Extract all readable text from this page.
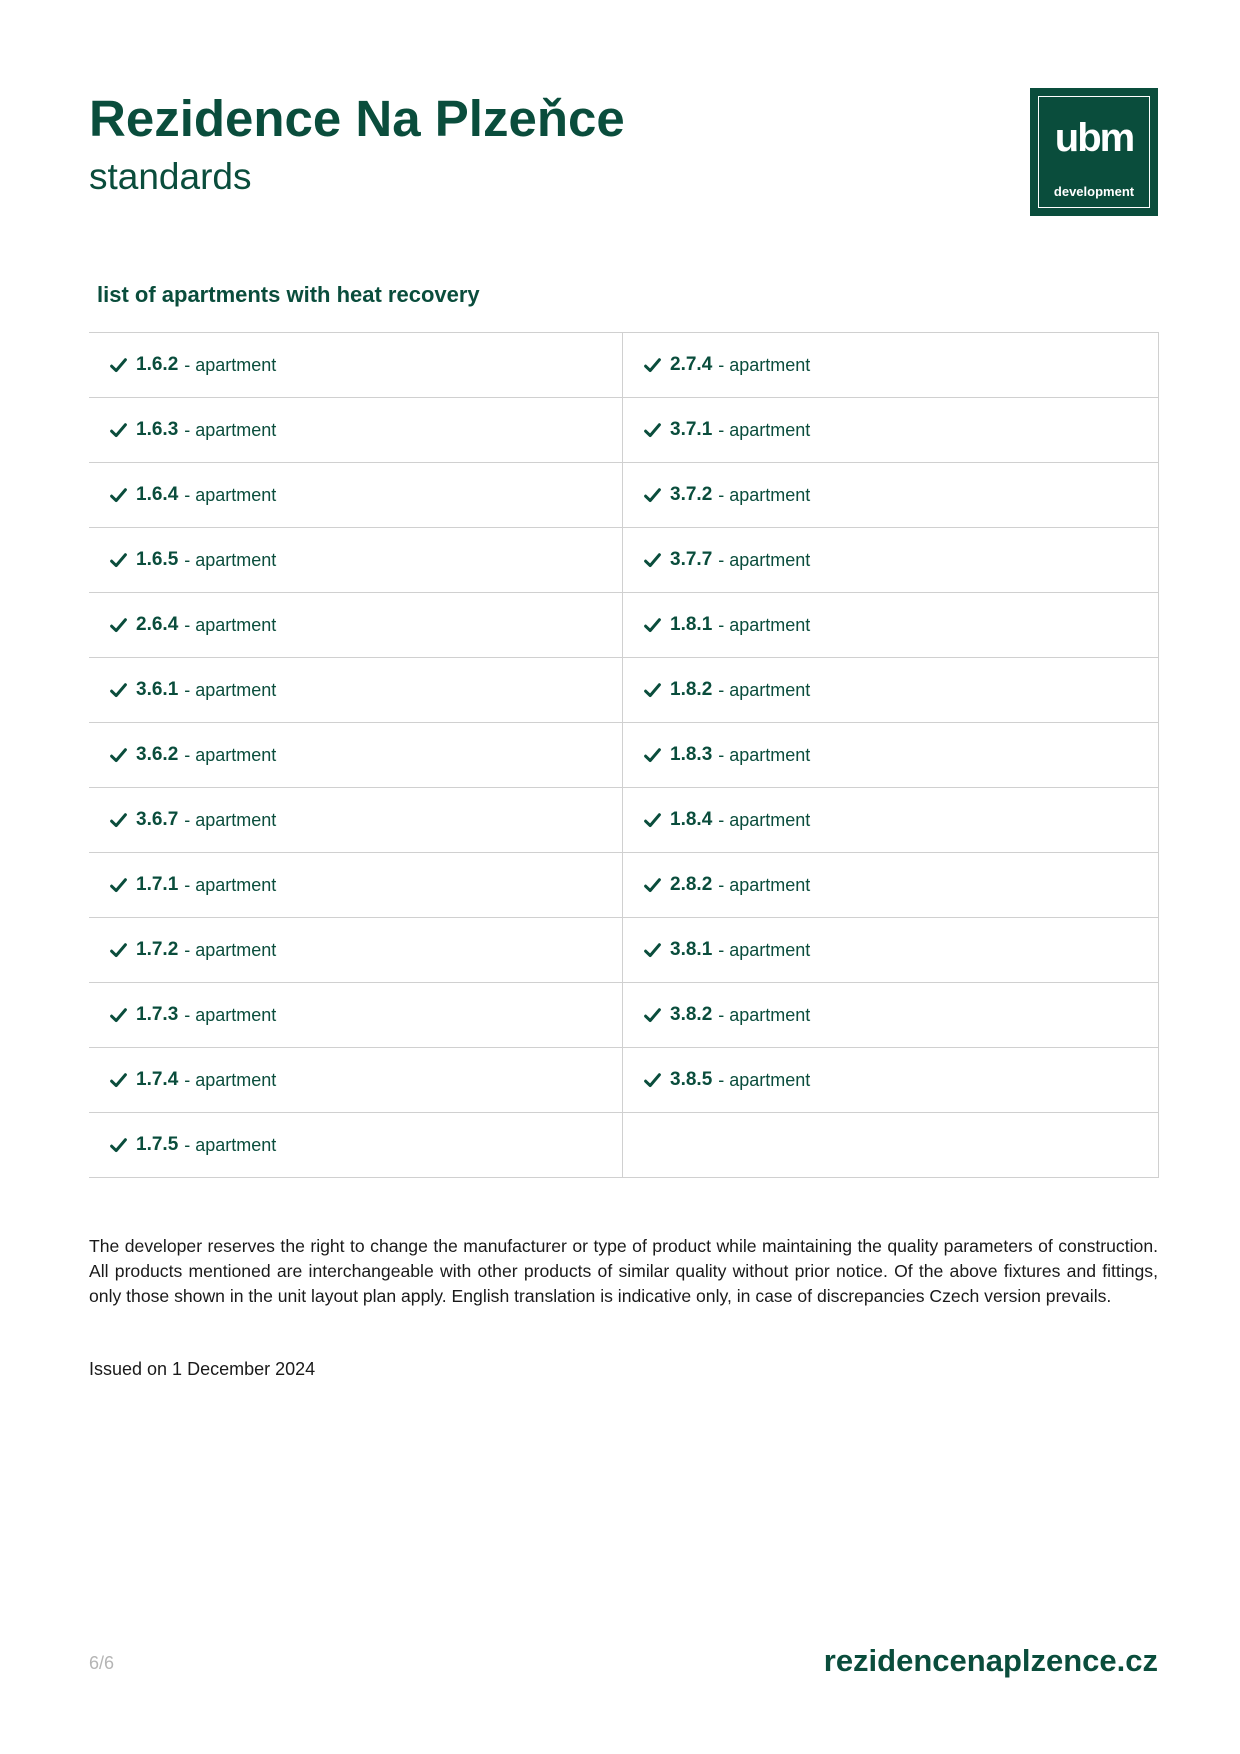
Rezidence Na Plzeňce
standards
ubm
development
list of apartments with heat recovery
1.6.2 - apartment	2.7.4 - apartment
1.6.3 - apartment	3.7.1 - apartment
1.6.4 - apartment	3.7.2 - apartment
1.6.5 - apartment	3.7.7 - apartment
2.6.4 - apartment	1.8.1 - apartment
3.6.1 - apartment	1.8.2 - apartment
3.6.2 - apartment	1.8.3 - apartment
3.6.7 - apartment	1.8.4 - apartment
1.7.1 - apartment	2.8.2 - apartment
1.7.2 - apartment	3.8.1 - apartment
1.7.3 - apartment	3.8.2 - apartment
1.7.4 - apartment	3.8.5 - apartment
1.7.5 - apartment

The developer reserves the right to change the manufacturer or type of product while maintaining the quality parameters of construction. All products mentioned are interchangeable with other products of similar quality without prior notice. Of the above fixtures and fittings, only those shown in the unit layout plan apply. English translation is indicative only, in case of discrepancies Czech version prevails.

Issued on 1 December 2024

6/6	rezidencenaplzence.cz
